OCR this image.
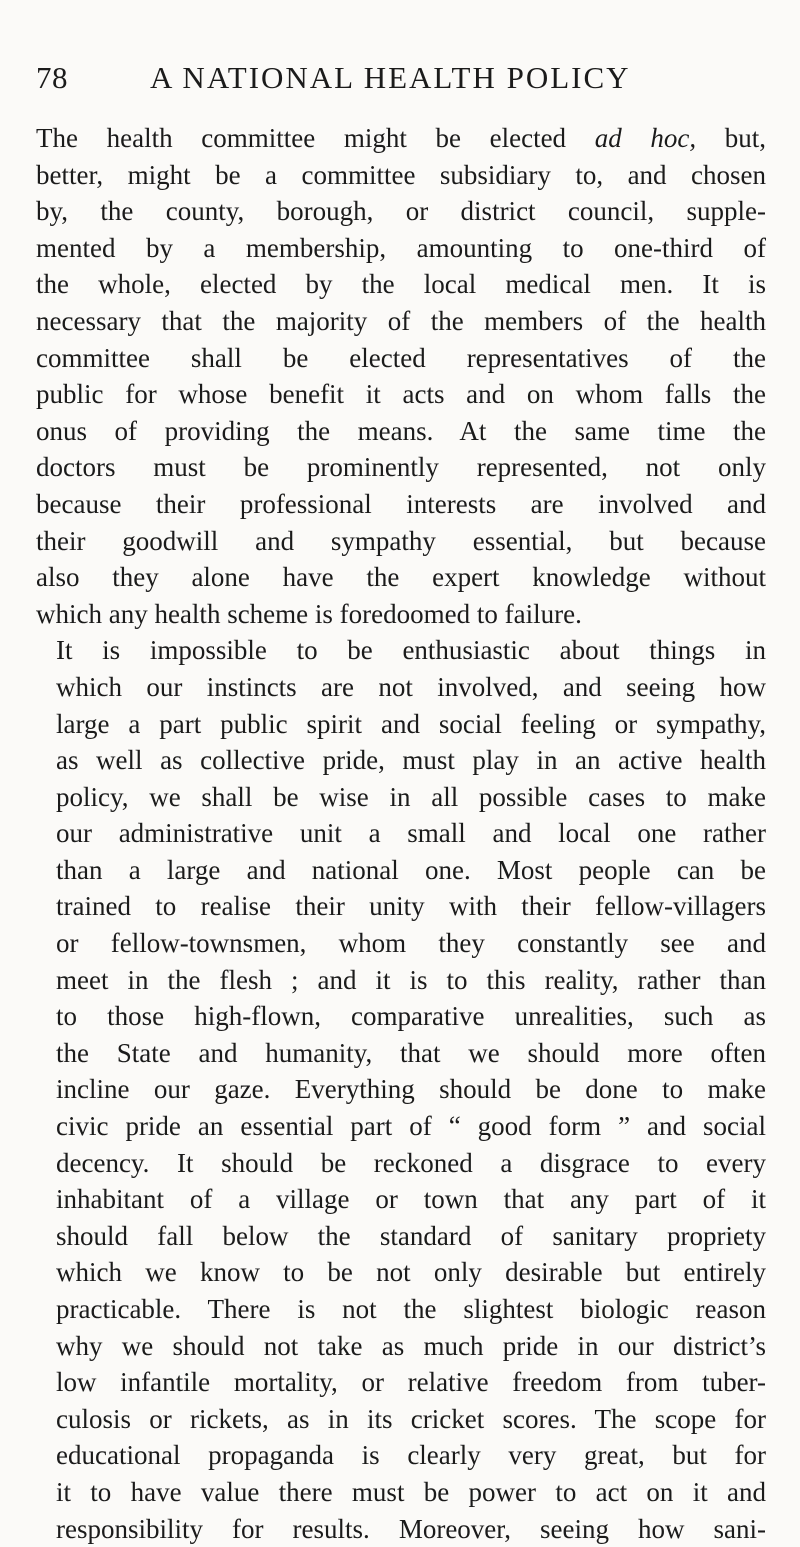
78	A NATIONAL HEALTH POLICY

The health committee might be elected ad hoc, but,
better, might be a committee subsidiary to, and chosen
by, the county, borough, or district council, supple-
mented by a membership, amounting to one-third of
the whole, elected by the local medical men. It is
necessary that the majority of the members of the health
committee shall be elected representatives of the
public for whose benefit it acts and on whom falls the
onus of providing the means. At the same time the
doctors must be prominently represented, not only
because their professional interests are involved and
their goodwill and sympathy essential, but because
also they alone have the expert knowledge without
which any health scheme is foredoomed to failure.

It is impossible to be enthusiastic about things in
which our instincts are not involved, and seeing how
large a part public spirit and social feeling or sympathy,
as well as collective pride, must play in an active health
policy, we shall be wise in all possible cases to make
our administrative unit a small and local one rather
than a large and national one. Most people can be
trained to realise their unity with their fellow-villagers
or fellow-townsmen, whom they constantly see and
meet in the flesh ; and it is to this reality, rather than
to those high-flown, comparative unrealities, such as
the State and humanity, that we should more often
incline our gaze. Everything should be done to make
civic pride an essential part of “ good form ” and social
decency. It should be reckoned a disgrace to every
inhabitant of a village or town that any part of it
should fall below the standard of sanitary propriety
which we know to be not only desirable but entirely
practicable. There is not the slightest biologic reason
why we should not take as much pride in our district’s
low infantile mortality, or relative freedom from tuber-
culosis or rickets, as in its cricket scores. The scope for
educational propaganda is clearly very great, but for
it to have value there must be power to act on it and
responsibility for results. Moreover, seeing how sani-
